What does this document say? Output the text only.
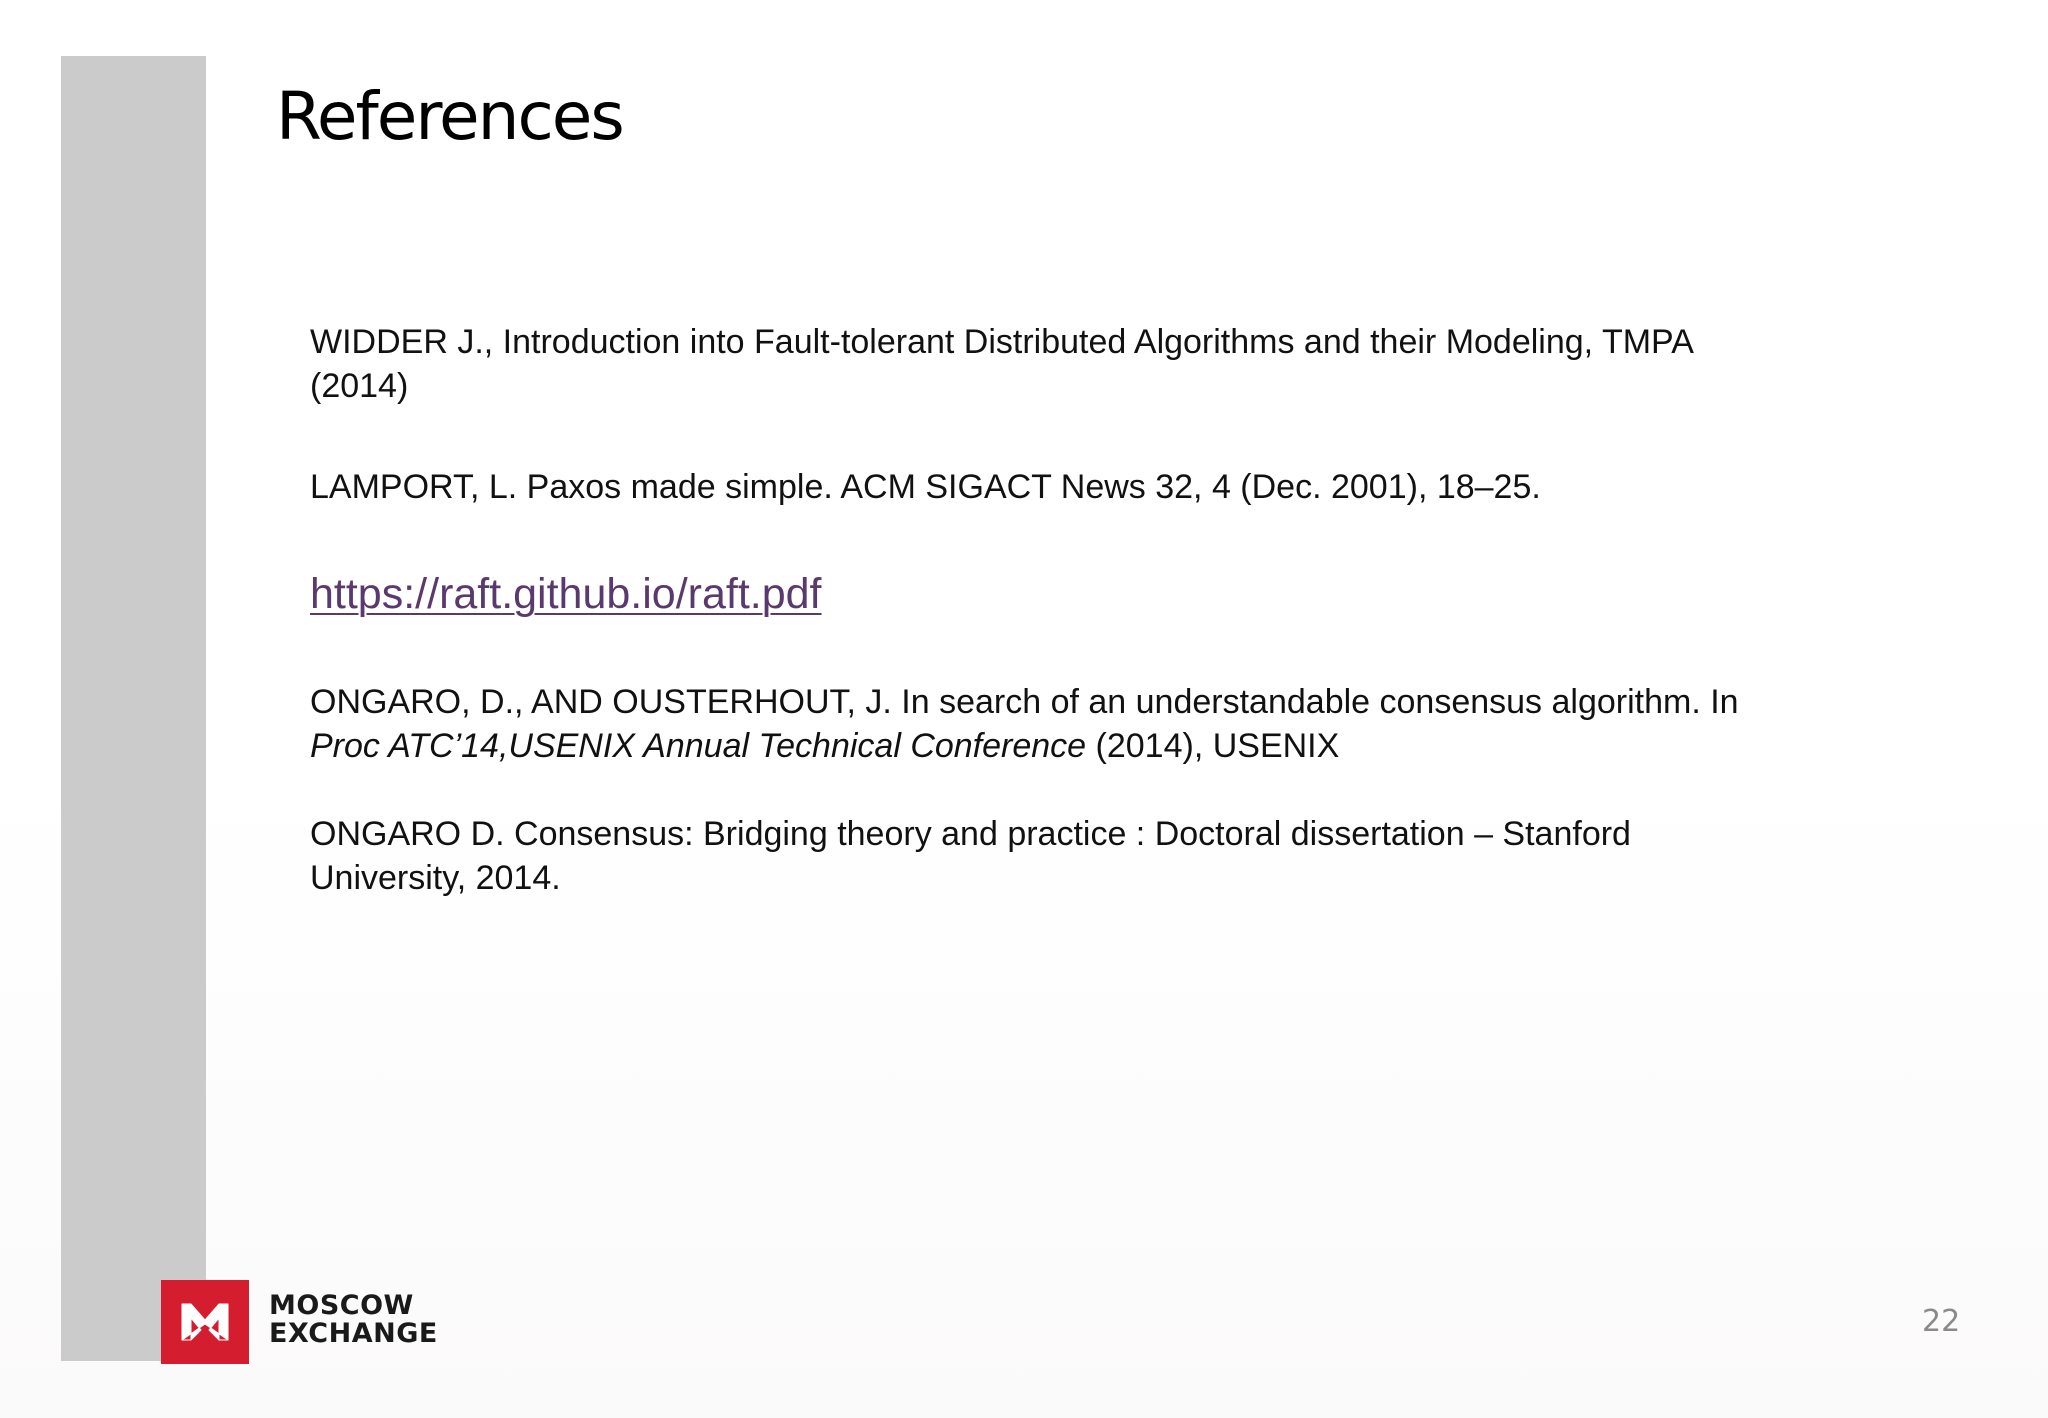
References
WIDDER J., Introduction into Fault-tolerant Distributed Algorithms and their Modeling, TMPA
(2014)
LAMPORT, L. Paxos made simple. ACM SIGACT News 32, 4 (Dec. 2001), 18–25.
https://raft.github.io/raft.pdf
ONGARO, D., AND OUSTERHOUT, J. In search of an understandable consensus algorithm. In
Proc ATC’14,USENIX Annual Technical Conference (2014), USENIX
ONGARO D. Consensus: Bridging theory and practice : Doctoral dissertation – Stanford
University, 2014.
MOSCOW
EXCHANGE	22
